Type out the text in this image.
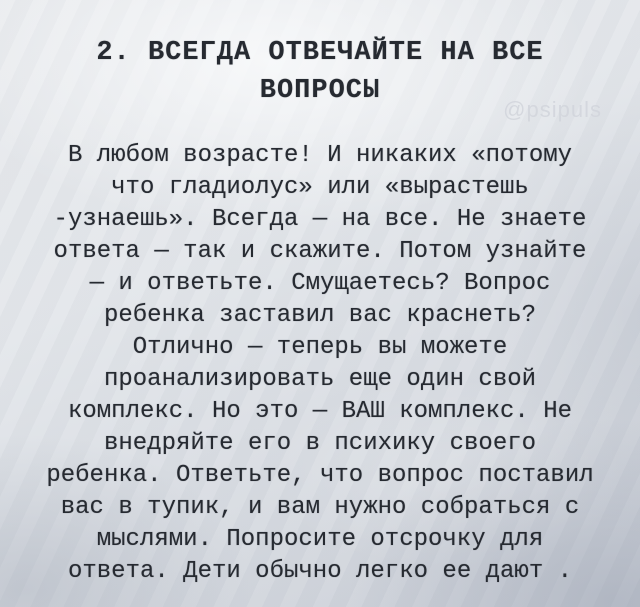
@psipuls
2. ВСЕГДА ОТВЕЧАЙТЕ НА ВСЕ
ВОПРОСЫ
В любом возрасте! И никаких «потому
что гладиолус» или «вырастешь
-узнаешь». Всегда — на все. Не знаете
ответа — так и скажите. Потом узнайте
— и ответьте. Смущаетесь? Вопрос
ребенка заставил вас краснеть?
Отлично — теперь вы можете
проанализировать еще один свой
комплекс. Но это — ВАШ комплекс. Не
внедряйте его в психику своего
ребенка. Ответьте, что вопрос поставил
вас в тупик, и вам нужно собраться с
мыслями. Попросите отсрочку для
ответа. Дети обычно легко ее дают .
